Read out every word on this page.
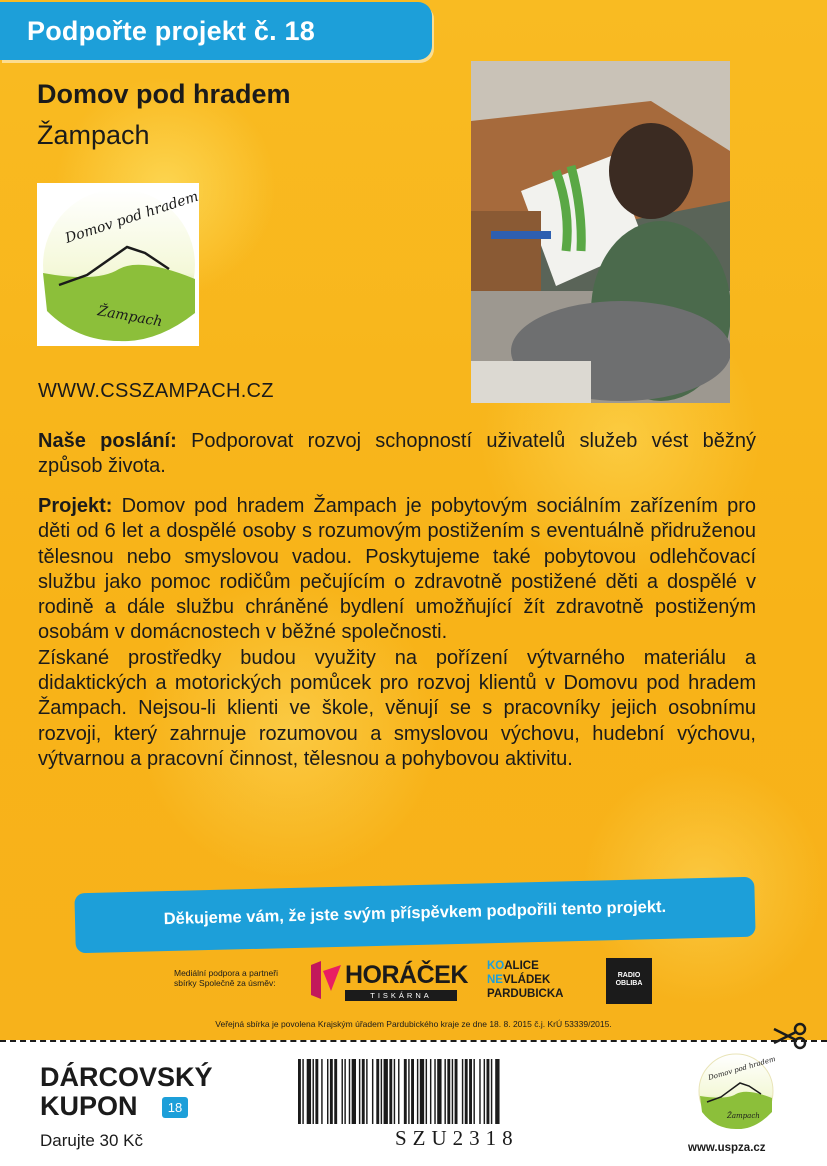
Podpořte projekt č. 18
Domov pod hradem
Žampach
Domov pod hradem
Žampach
WWW.CSSZAMPACH.CZ
Naše poslání: Podporovat rozvoj schopností uživatelů služeb vést běžný způsob života.
Projekt: Domov pod hradem Žampach je pobytovým sociálním zařízením pro děti od 6 let a dospělé osoby s rozumovým postižením s eventuálně přidruženou tělesnou nebo smyslovou vadou. Poskytujeme také pobytovou odlehčovací službu jako pomoc rodičům pečujícím o zdravotně postižené děti a dospělé v rodině a dále službu chráněné bydlení umožňující žít zdravotně postiženým osobám v domácnostech v běžné společnosti.
Získané prostředky budou využity na pořízení výtvarného materiálu a didaktických a motorických pomůcek pro rozvoj klientů v Domovu pod hradem Žampach. Nejsou-li klienti ve škole, věnují se s pracovníky jejich osobnímu rozvoji, který zahrnuje rozumovou a smyslovou výchovu, hudební výchovu, výtvarnou a pracovní činnost, tělesnou a pohybovou aktivitu.
Děkujeme vám, že jste svým příspěvkem podpořili tento projekt.
Mediální podpora a partneři sbírky Společně za úsměv:	HORÁČEK
TISKÁRNA
KOALICE
NEVLÁDEK
PARDUBICKA
RADIO OBLIBA
Veřejná sbírka je povolena Krajským úřadem Pardubického kraje ze dne 18. 8. 2015 č.j. KrÚ 53339/2015.
DÁRCOVSKÝ
KUPON	18
Darujte 30 Kč	SZU2318
Domov pod hradem
Žampach
www.uspza.cz
